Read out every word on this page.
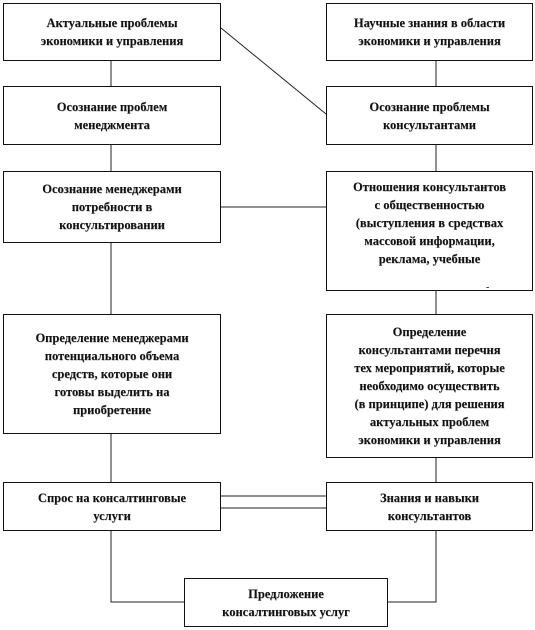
Актуальные проблемы
экономики и управления
Научные знания в области
экономики и управления
Осознание проблем
менеджмента
Осознание проблемы
консультантами
Осознание менеджерами
потребности в
консультировании
Отношения консультантов
с общественностью
(выступления в средствах
массовой информации,
реклама, учебные
Определение менеджерами
потенциального объема
средств, которые они
готовы выделить на
приобретение
Определение
консультантами перечня
тех мероприятий, которые
необходимо осуществить
(в принципе) для решения
актуальных проблем
экономики и управления
Спрос на консалтинговые
услуги
Знания и навыки
консультантов
Предложение
консалтинговых услуг
-
